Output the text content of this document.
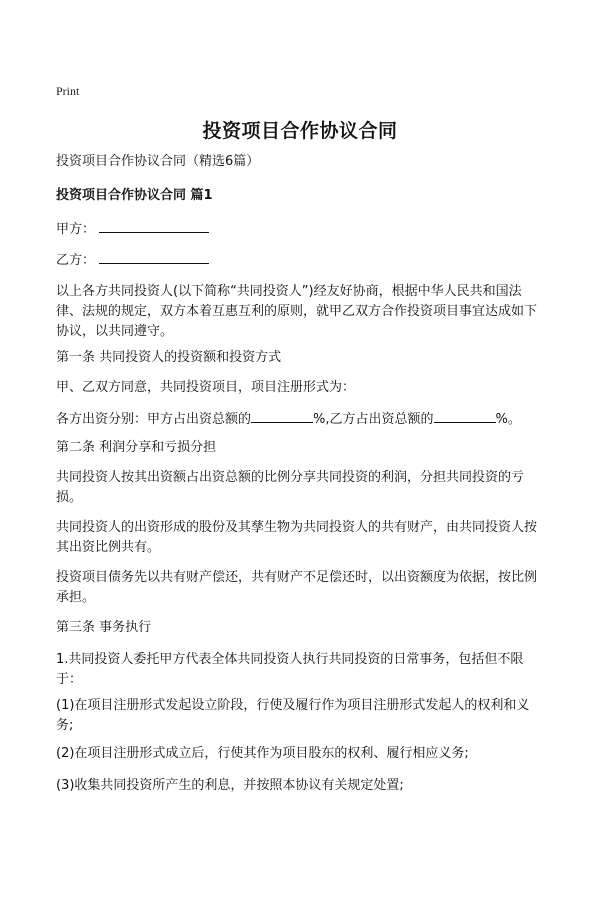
Print
投资项目合作协议合同
投资项目合作协议合同（精选6篇）
投资项目合作协议合同 篇1
甲方：
乙方：
以上各方共同投资人(以下简称“共同投资人”)经友好协商，根据中华人民共和国法律、法规的规定，双方本着互惠互利的原则，就甲乙双方合作投资项目事宜达成如下协议，以共同遵守。
第一条 共同投资人的投资额和投资方式
甲、乙双方同意，共同投资项目，项目注册形式为：
各方出资分别：甲方占出资总额的	%,乙方占出资总额的	%。
第二条 利润分享和亏损分担
共同投资人按其出资额占出资总额的比例分享共同投资的利润，分担共同投资的亏损。
共同投资人的出资形成的股份及其孳生物为共同投资人的共有财产，由共同投资人按其出资比例共有。
投资项目债务先以共有财产偿还，共有财产不足偿还时，以出资额度为依据，按比例承担。
第三条 事务执行
1.共同投资人委托甲方代表全体共同投资人执行共同投资的日常事务，包括但不限于：
(1)在项目注册形式发起设立阶段，行使及履行作为项目注册形式发起人的权利和义务;
(2)在项目注册形式成立后，行使其作为项目股东的权利、履行相应义务;
(3)收集共同投资所产生的利息，并按照本协议有关规定处置;
